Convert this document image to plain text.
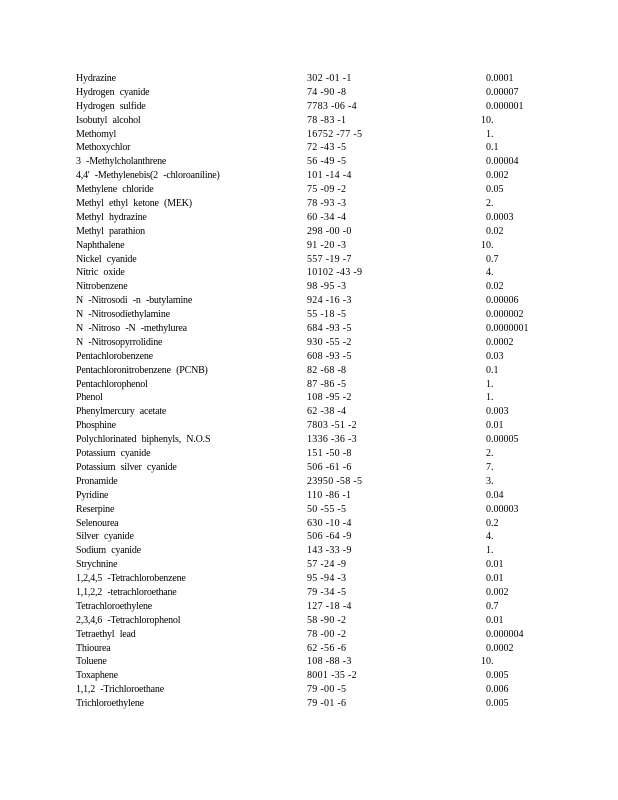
Hydrazine	302 -01 -1	0.0001
Hydrogen cyanide	74 -90 -8	0.00007
Hydrogen sulfide	7783 -06 -4	0.000001
Isobutyl alcohol	78 -83 -1	10.
Methomyl	16752 -77 -5	1.
Methoxychlor	72 -43 -5	0.1
3 -Methylcholanthrene	56 -49 -5	0.00004
4,4' -Methylenebis(2 -chloroaniline)	101 -14 -4	0.002
Methylene chloride	75 -09 -2	0.05
Methyl ethyl ketone (MEK)	78 -93 -3	2.
Methyl hydrazine	60 -34 -4	0.0003
Methyl parathion	298 -00 -0	0.02
Naphthalene	91 -20 -3	10.
Nickel cyanide	557 -19 -7	0.7
Nitric oxide	10102 -43 -9	4.
Nitrobenzene	98 -95 -3	0.02
N -Nitrosodi -n -butylamine	924 -16 -3	0.00006
N -Nitrosodiethylamine	55 -18 -5	0.000002
N -Nitroso -N -methylurea	684 -93 -5	0.0000001
N -Nitrosopyrrolidine	930 -55 -2	0.0002
Pentachlorobenzene	608 -93 -5	0.03
Pentachloronitrobenzene (PCNB)	82 -68 -8	0.1
Pentachlorophenol	87 -86 -5	1.
Phenol	108 -95 -2	1.
Phenylmercury acetate	62 -38 -4	0.003
Phosphine	7803 -51 -2	0.01
Polychlorinated biphenyls, N.O.S	1336 -36 -3	0.00005
Potassium cyanide	151 -50 -8	2.
Potassium silver cyanide	506 -61 -6	7.
Pronamide	23950 -58 -5	3.
Pyridine	110 -86 -1	0.04
Reserpine	50 -55 -5	0.00003
Selenourea	630 -10 -4	0.2
Silver cyanide	506 -64 -9	4.
Sodium cyanide	143 -33 -9	1.
Strychnine	57 -24 -9	0.01
1,2,4,5 -Tetrachlorobenzene	95 -94 -3	0.01
1,1,2,2 -tetrachloroethane	79 -34 -5	0.002
Tetrachloroethylene	127 -18 -4	0.7
2,3,4,6 -Tetrachlorophenol	58 -90 -2	0.01
Tetraethyl lead	78 -00 -2	0.000004
Thiourea	62 -56 -6	0.0002
Toluene	108 -88 -3	10.
Toxaphene	8001 -35 -2	0.005
1,1,2 -Trichloroethane	79 -00 -5	0.006
Trichloroethylene	79 -01 -6	0.005
